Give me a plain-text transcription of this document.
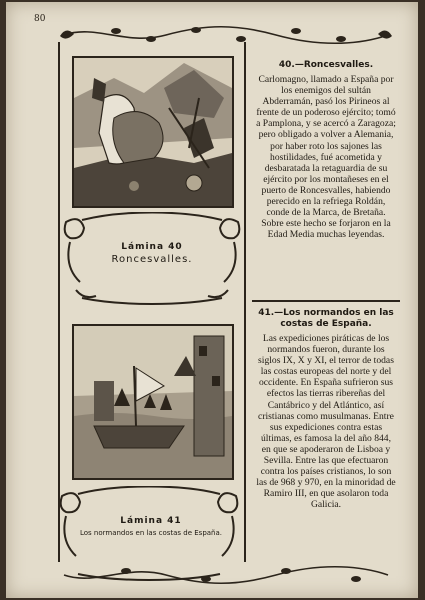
80
Lámina 40
Roncesvalles.
Lámina 41
Los normandos en las costas de España.
40.—Roncesvalles.
Carlomagno, llamado a España por los enemigos del sultán Abderramán, pasó los Pirineos al frente de un poderoso ejército; tomó a Pamplona, y se acercó a Zaragoza; pero obligado a volver a Alemania, por haber roto los sajones las hostilidades, fué acometida y desbaratada la retaguardia de su ejército por los montañeses en el puerto de Roncesvalles, habiendo perecido en la refriega Roldán, conde de la Marca, de Bretaña. Sobre este hecho se forjaron en la Edad Media muchas leyendas.
41.—Los normandos en las costas de España.
Las expediciones piráticas de los normandos fueron, durante los siglos IX, X y XI, el terror de todas las costas europeas del norte y del occidente. En España sufrieron sus efectos las tierras ribereñas del Cantábrico y del Atlántico, así cristianas como musulmanas. Entre sus expediciones contra estas últimas, es famosa la del año 844, en que se apoderaron de Lisboa y Sevilla. Entre las que efectuaron contra los países cristianos, lo son las de 968 y 970, en la minoridad de Ramiro III, en que asolaron toda Galicia.
